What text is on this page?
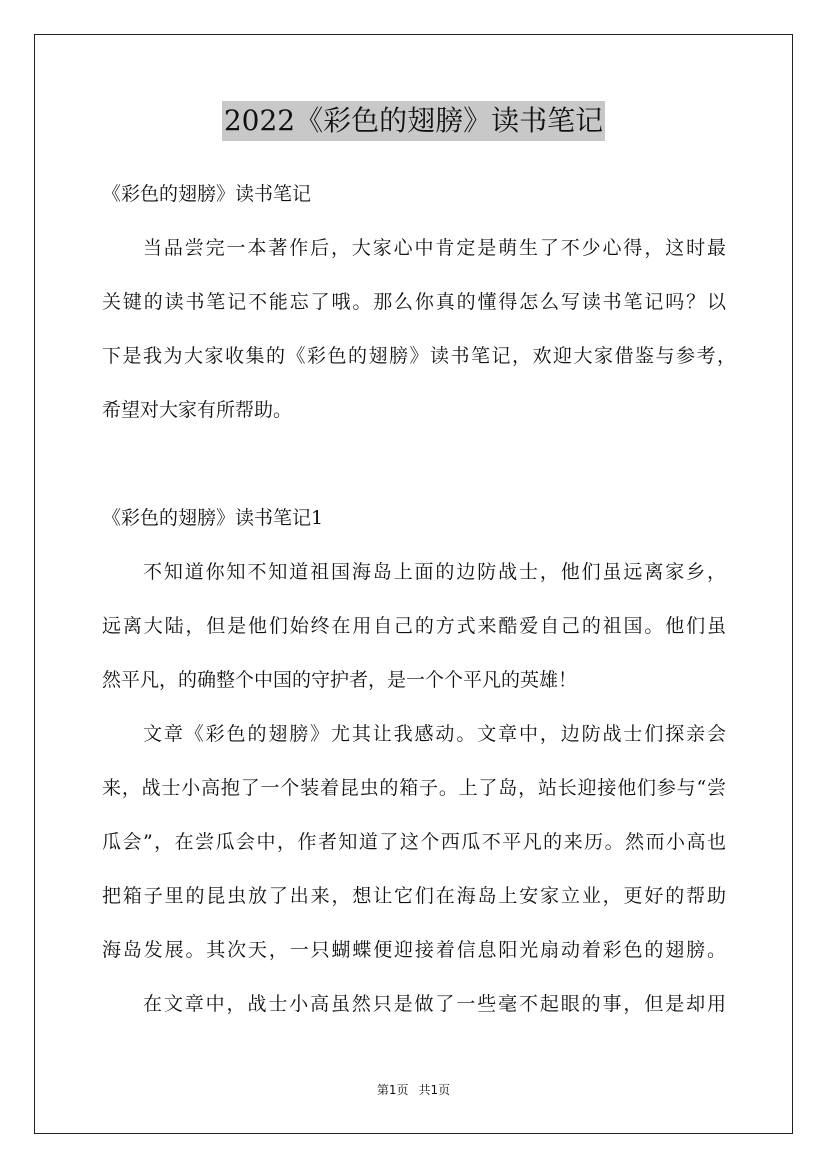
2022《彩色的翅膀》读书笔记
《彩色的翅膀》读书笔记
当品尝完一本著作后，大家心中肯定是萌生了不少心得，这时最
关键的读书笔记不能忘了哦。那么你真的懂得怎么写读书笔记吗？以
下是我为大家收集的《彩色的翅膀》读书笔记，欢迎大家借鉴与参考，
希望对大家有所帮助。
《彩色的翅膀》读书笔记1
不知道你知不知道祖国海岛上面的边防战士，他们虽远离家乡，
远离大陆，但是他们始终在用自己的方式来酷爱自己的祖国。他们虽
然平凡，的确整个中国的守护者，是一个个平凡的英雄！
文章《彩色的翅膀》尤其让我感动。文章中，边防战士们探亲会
来，战士小高抱了一个装着昆虫的箱子。上了岛，站长迎接他们参与“尝
瓜会”，在尝瓜会中，作者知道了这个西瓜不平凡的来历。然而小高也
把箱子里的昆虫放了出来，想让它们在海岛上安家立业，更好的帮助
海岛发展。其次天，一只蝴蝶便迎接着信息阳光扇动着彩色的翅膀。
在文章中，战士小高虽然只是做了一些毫不起眼的事，但是却用
第1页 共1页
